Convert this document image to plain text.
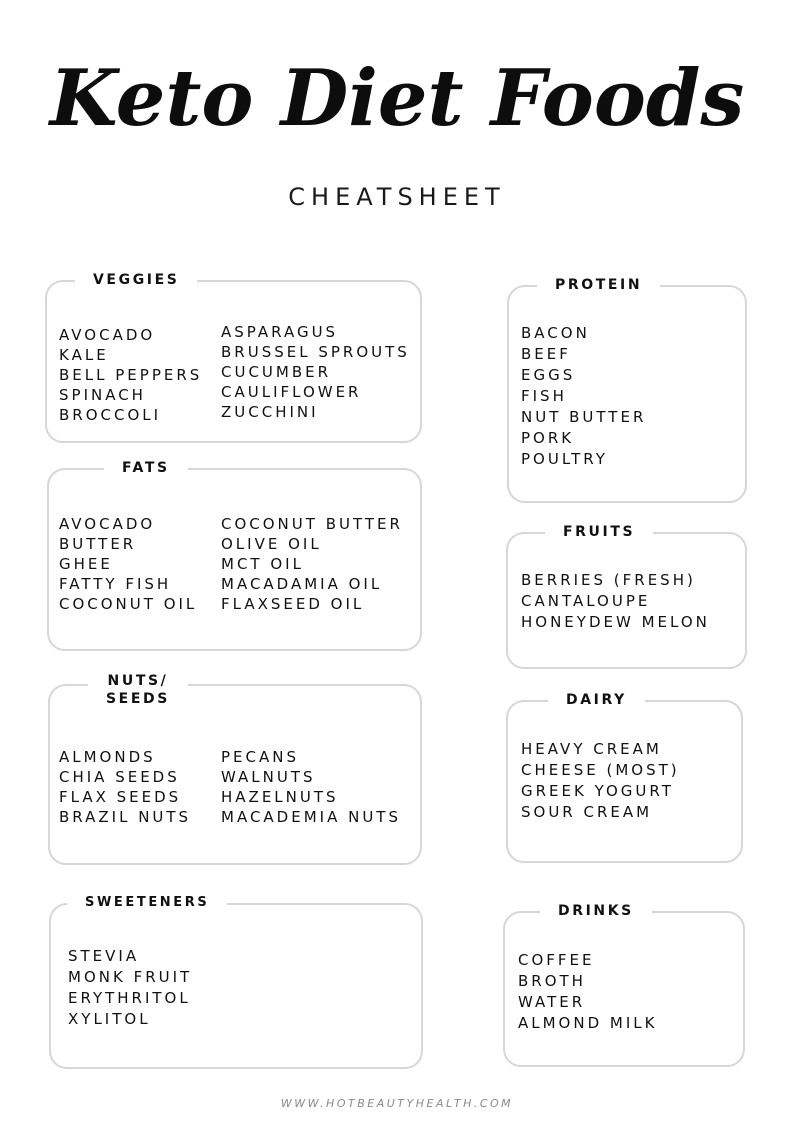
Keto Diet Foods
CHEATSHEET
VEGGIES
AVOCADO
KALE
BELL PEPPERS
SPINACH
BROCCOLI
ASPARAGUS
BRUSSEL SPROUTS
CUCUMBER
CAULIFLOWER
ZUCCHINI
FATS
AVOCADO
BUTTER
GHEE
FATTY FISH
COCONUT OIL
COCONUT BUTTER
OLIVE OIL
MCT OIL
MACADAMIA OIL
FLAXSEED OIL
NUTS/
SEEDS
ALMONDS
CHIA SEEDS
FLAX SEEDS
BRAZIL NUTS
PECANS
WALNUTS
HAZELNUTS
MACADEMIA NUTS
SWEETENERS
STEVIA
MONK FRUIT
ERYTHRITOL
XYLITOL
PROTEIN
BACON
BEEF
EGGS
FISH
NUT BUTTER
PORK
POULTRY
FRUITS
BERRIES (FRESH)
CANTALOUPE
HONEYDEW MELON
DAIRY
HEAVY CREAM
CHEESE (MOST)
GREEK YOGURT
SOUR CREAM
DRINKS
COFFEE
BROTH
WATER
ALMOND MILK
WWW.HOTBEAUTYHEALTH.COM
